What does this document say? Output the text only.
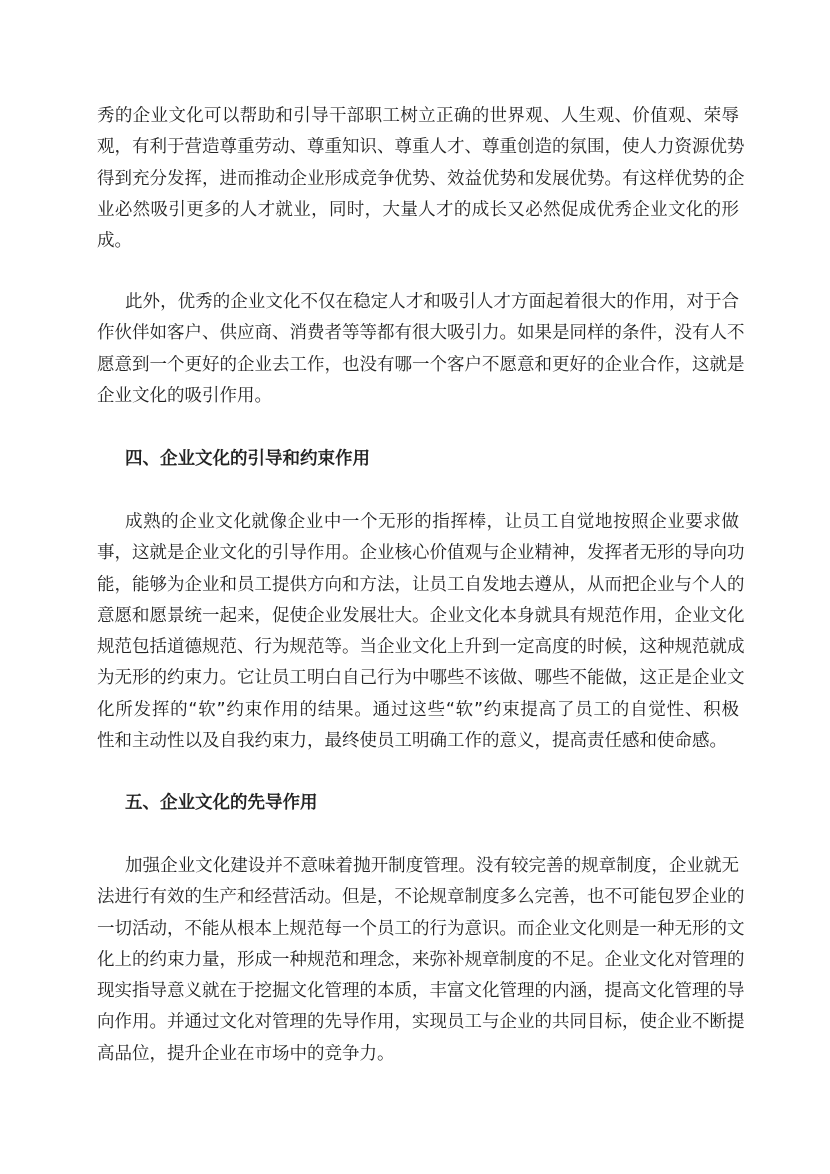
秀的企业文化可以帮助和引导干部职工树立正确的世界观、人生观、价值观、荣辱
观，有利于营造尊重劳动、尊重知识、尊重人才、尊重创造的氛围，使人力资源优势
得到充分发挥，进而推动企业形成竞争优势、效益优势和发展优势。有这样优势的企
业必然吸引更多的人才就业，同时，大量人才的成长又必然促成优秀企业文化的形
成。
此外，优秀的企业文化不仅在稳定人才和吸引人才方面起着很大的作用，对于合
作伙伴如客户、供应商、消费者等等都有很大吸引力。如果是同样的条件，没有人不
愿意到一个更好的企业去工作，也没有哪一个客户不愿意和更好的企业合作，这就是
企业文化的吸引作用。
四、企业文化的引导和约束作用
成熟的企业文化就像企业中一个无形的指挥棒，让员工自觉地按照企业要求做
事，这就是企业文化的引导作用。企业核心价值观与企业精神，发挥者无形的导向功
能，能够为企业和员工提供方向和方法，让员工自发地去遵从，从而把企业与个人的
意愿和愿景统一起来，促使企业发展壮大。企业文化本身就具有规范作用，企业文化
规范包括道德规范、行为规范等。当企业文化上升到一定高度的时候，这种规范就成
为无形的约束力。它让员工明白自己行为中哪些不该做、哪些不能做，这正是企业文
化所发挥的“软”约束作用的结果。通过这些“软”约束提高了员工的自觉性、积极
性和主动性以及自我约束力，最终使员工明确工作的意义，提高责任感和使命感。
五、企业文化的先导作用
加强企业文化建设并不意味着抛开制度管理。没有较完善的规章制度，企业就无
法进行有效的生产和经营活动。但是，不论规章制度多么完善，也不可能包罗企业的
一切活动，不能从根本上规范每一个员工的行为意识。而企业文化则是一种无形的文
化上的约束力量，形成一种规范和理念，来弥补规章制度的不足。企业文化对管理的
现实指导意义就在于挖掘文化管理的本质，丰富文化管理的内涵，提高文化管理的导
向作用。并通过文化对管理的先导作用，实现员工与企业的共同目标，使企业不断提
高品位，提升企业在市场中的竞争力。
